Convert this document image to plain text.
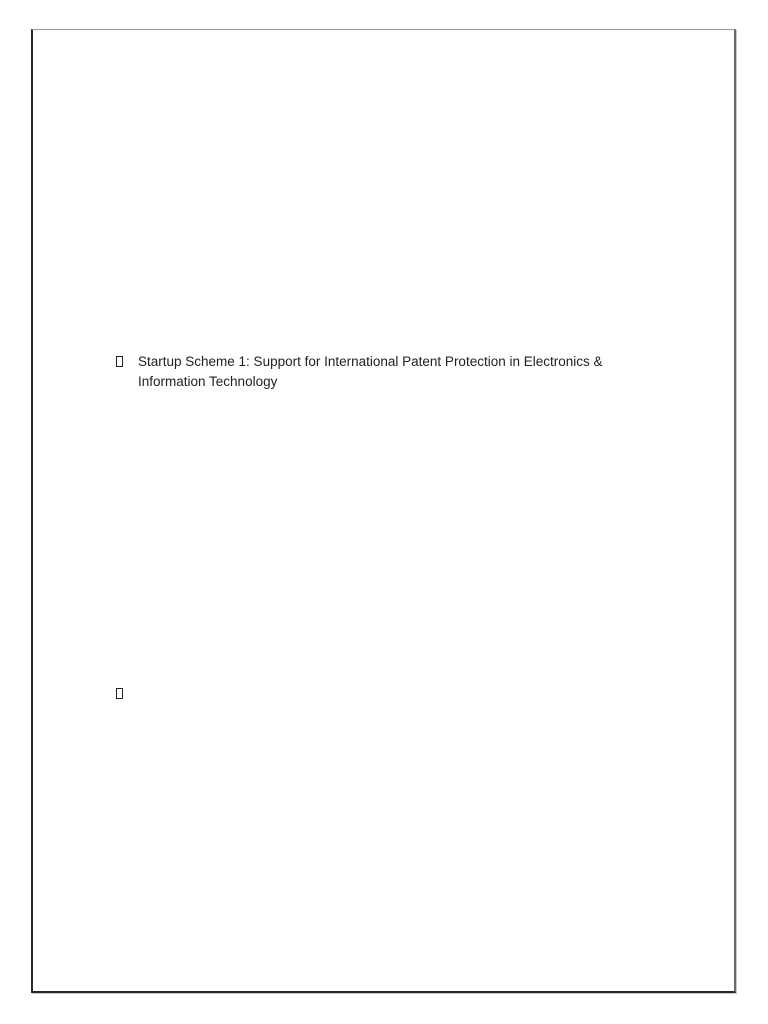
Startup Scheme 1: Support for International Patent Protection in Electronics &
Information Technology
